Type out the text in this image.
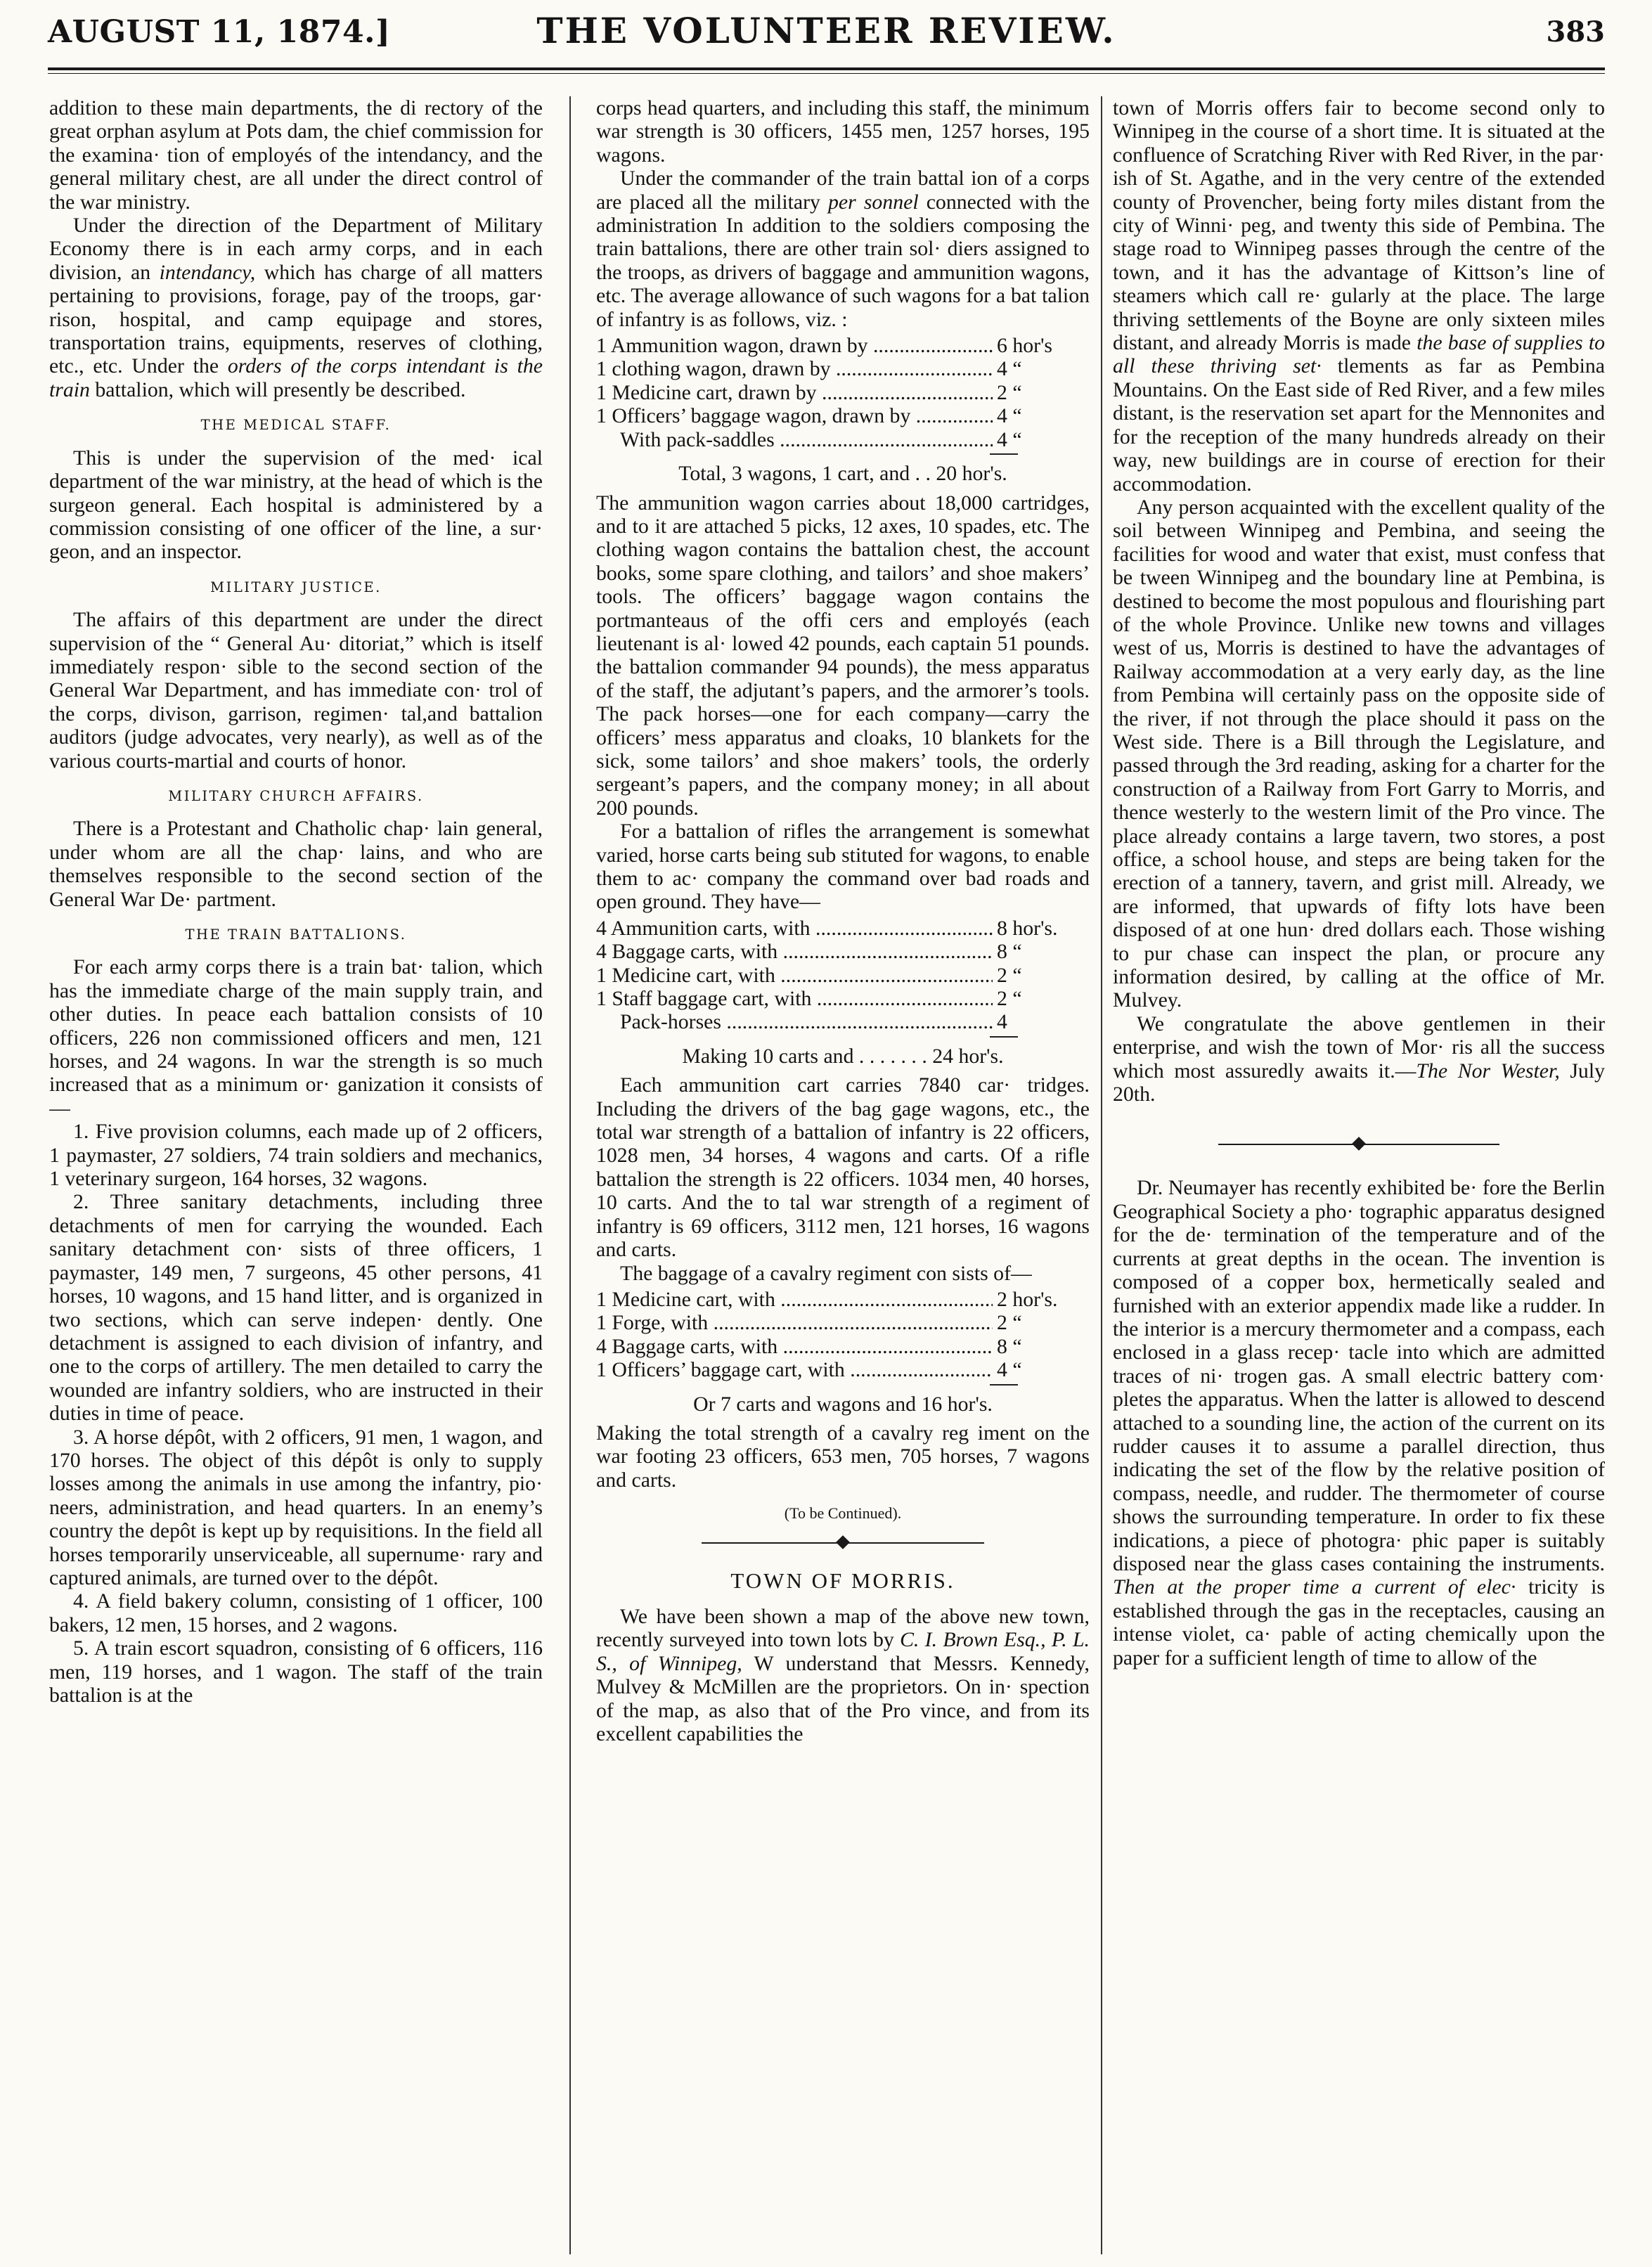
AUGUST 11, 1874.]	THE VOLUNTEER REVIEW.	383

addition to these main departments, the di rectory of the great orphan asylum at Pots dam, the chief commission for the examina· tion of employés of the intendancy, and the general military chest, are all under the direct control of the war ministry.

Under the direction of the Department of Military Economy there is in each army corps, and in each division, an intendancy, which has charge of all matters pertaining to provisions, forage, pay of the troops, gar· rison, hospital, and camp equipage and stores, transportation trains, equipments, reserves of clothing, etc., etc. Under the orders of the corps intendant is the train battalion, which will presently be described.

THE MEDICAL STAFF.

This is under the supervision of the med· ical department of the war ministry, at the head of which is the surgeon general. Each hospital is administered by a commission consisting of one officer of the line, a sur· geon, and an inspector.

MILITARY JUSTICE.

The affairs of this department are under the direct supervision of the “ General Au· ditoriat,” which is itself immediately respon· sible to the second section of the General War Department, and has immediate con· trol of the corps, divison, garrison, regimen· tal,and battalion auditors (judge advocates, very nearly), as well as of the various courts-martial and courts of honor.

MILITARY CHURCH AFFAIRS.

There is a Protestant and Chatholic chap· lain general, under whom are all the chap· lains, and who are themselves responsible to the second section of the General War De· partment.

THE TRAIN BATTALIONS.

For each army corps there is a train bat· talion, which has the immediate charge of the main supply train, and other duties. In peace each battalion consists of 10 officers, 226 non commissioned officers and men, 121 horses, and 24 wagons. In war the strength is so much increased that as a minimum or· ganization it consists of—

1. Five provision columns, each made up of 2 officers, 1 paymaster, 27 soldiers, 74 train soldiers and mechanics, 1 veterinary surgeon, 164 horses, 32 wagons.

2. Three sanitary detachments, including three detachments of men for carrying the wounded. Each sanitary detachment con· sists of three officers, 1 paymaster, 149 men, 7 surgeons, 45 other persons, 41 horses, 10 wagons, and 15 hand litter, and is organized in two sections, which can serve indepen· dently. One detachment is assigned to each division of infantry, and one to the corps of artillery. The men detailed to carry the wounded are infantry soldiers, who are instructed in their duties in time of peace.

3. A horse dépôt, with 2 officers, 91 men, 1 wagon, and 170 horses. The object of this dépôt is only to supply losses among the animals in use among the infantry, pio· neers, administration, and head quarters. In an enemy’s country the depôt is kept up by requisitions. In the field all horses temporarily unserviceable, all supernume· rary and captured animals, are turned over to the dépôt.

4. A field bakery column, consisting of 1 officer, 100 bakers, 12 men, 15 horses, and 2 wagons.

5. A train escort squadron, consisting of 6 officers, 116 men, 119 horses, and 1 wagon. The staff of the train battalion is at the

corps head quarters, and including this staff, the minimum war strength is 30 officers, 1455 men, 1257 horses, 195 wagons.

Under the commander of the train battal ion of a corps are placed all the military per sonnel connected with the administration In addition to the soldiers composing the train battalions, there are other train sol· diers assigned to the troops, as drivers of baggage and ammunition wagons, etc. The average allowance of such wagons for a bat talion of infantry is as follows, viz. :

1 Ammunition wagon, drawn by .....	6 hor's
1 clothing wagon, drawn by .....	4 “
1 Medicine cart, drawn by .....	2 “
1 Officers’ baggage wagon, drawn by .....	4 “
With pack-saddles .....	4 “
Total, 3 wagons, 1 cart, and . . 20 hor's.

The ammunition wagon carries about 18,000 cartridges, and to it are attached 5 picks, 12 axes, 10 spades, etc. The clothing wagon contains the battalion chest, the account books, some spare clothing, and tailors’ and shoe makers’ tools. The officers’ baggage wagon contains the portmanteaus of the offi cers and employés (each lieutenant is al· lowed 42 pounds, each captain 51 pounds. the battalion commander 94 pounds), the mess apparatus of the staff, the adjutant’s papers, and the armorer’s tools. The pack horses—one for each company—carry the officers’ mess apparatus and cloaks, 10 blankets for the sick, some tailors’ and shoe makers’ tools, the orderly sergeant’s papers, and the company money; in all about 200 pounds.

For a battalion of rifles the arrangement is somewhat varied, horse carts being sub stituted for wagons, to enable them to ac· company the command over bad roads and open ground. They have—

4 Ammunition carts, with .....	8 hor's.
4 Baggage carts, with .....	8 “
1 Medicine cart, with .....	2 “
1 Staff baggage cart, with .....	2 “
Pack-horses .....	4
Making 10 carts and . . . . . . . 24 hor's.

Each ammunition cart carries 7840 car· tridges. Including the drivers of the bag gage wagons, etc., the total war strength of a battalion of infantry is 22 officers, 1028 men, 34 horses, 4 wagons and carts. Of a rifle battalion the strength is 22 officers. 1034 men, 40 horses, 10 carts. And the to tal war strength of a regiment of infantry is 69 officers, 3112 men, 121 horses, 16 wagons and carts.

The baggage of a cavalry regiment con sists of—

1 Medicine cart, with .....	2 hor's.
1 Forge, with .....	2 “
4 Baggage carts, with .....	8 “
1 Officers’ baggage cart, with .....	4 “
Or 7 carts and wagons and 16 hor's.

Making the total strength of a cavalry reg iment on the war footing 23 officers, 653 men, 705 horses, 7 wagons and carts.

(To be Continued).
TOWN OF MORRIS.

We have been shown a map of the above new town, recently surveyed into town lots by C. I. Brown Esq., P. L. S., of Winnipeg, W understand that Messrs. Kennedy, Mulvey & McMillen are the proprietors. On in· spection of the map, as also that of the Pro vince, and from its excellent capabilities the

town of Morris offers fair to become second only to Winnipeg in the course of a short time. It is situated at the confluence of Scratching River with Red River, in the par· ish of St. Agathe, and in the very centre of the extended county of Provencher, being forty miles distant from the city of Winni· peg, and twenty this side of Pembina. The stage road to Winnipeg passes through the centre of the town, and it has the advantage of Kittson’s line of steamers which call re· gularly at the place. The large thriving settlements of the Boyne are only sixteen miles distant, and already Morris is made the base of supplies to all these thriving set· tlements as far as Pembina Mountains. On the East side of Red River, and a few miles distant, is the reservation set apart for the Mennonites and for the reception of the many hundreds already on their way, new buildings are in course of erection for their accommodation.

Any person acquainted with the excellent quality of the soil between Winnipeg and Pembina, and seeing the facilities for wood and water that exist, must confess that be tween Winnipeg and the boundary line at Pembina, is destined to become the most populous and flourishing part of the whole Province. Unlike new towns and villages west of us, Morris is destined to have the advantages of Railway accommodation at a very early day, as the line from Pembina will certainly pass on the opposite side of the river, if not through the place should it pass on the West side. There is a Bill through the Legislature, and passed through the 3rd reading, asking for a charter for the construction of a Railway from Fort Garry to Morris, and thence westerly to the western limit of the Pro vince. The place already contains a large tavern, two stores, a post office, a school house, and steps are being taken for the erection of a tannery, tavern, and grist mill. Already, we are informed, that upwards of fifty lots have been disposed of at one hun· dred dollars each. Those wishing to pur chase can inspect the plan, or procure any information desired, by calling at the office of Mr. Mulvey.

We congratulate the above gentlemen in their enterprise, and wish the town of Mor· ris all the success which most assuredly awaits it.—The Nor Wester, July 20th.

Dr. Neumayer has recently exhibited be· fore the Berlin Geographical Society a pho· tographic apparatus designed for the de· termination of the temperature and of the currents at great depths in the ocean. The invention is composed of a copper box, hermetically sealed and furnished with an exterior appendix made like a rudder. In the interior is a mercury thermometer and a compass, each enclosed in a glass recep· tacle into which are admitted traces of ni· trogen gas. A small electric battery com· pletes the apparatus. When the latter is allowed to descend attached to a sounding line, the action of the current on its rudder causes it to assume a parallel direction, thus indicating the set of the flow by the relative position of compass, needle, and rudder. The thermometer of course shows the surrounding temperature. In order to fix these indications, a piece of photogra· phic paper is suitably disposed near the glass cases containing the instruments. Then at the proper time a current of elec· tricity is established through the gas in the receptacles, causing an intense violet, ca· pable of acting chemically upon the paper for a sufficient length of time to allow of the
